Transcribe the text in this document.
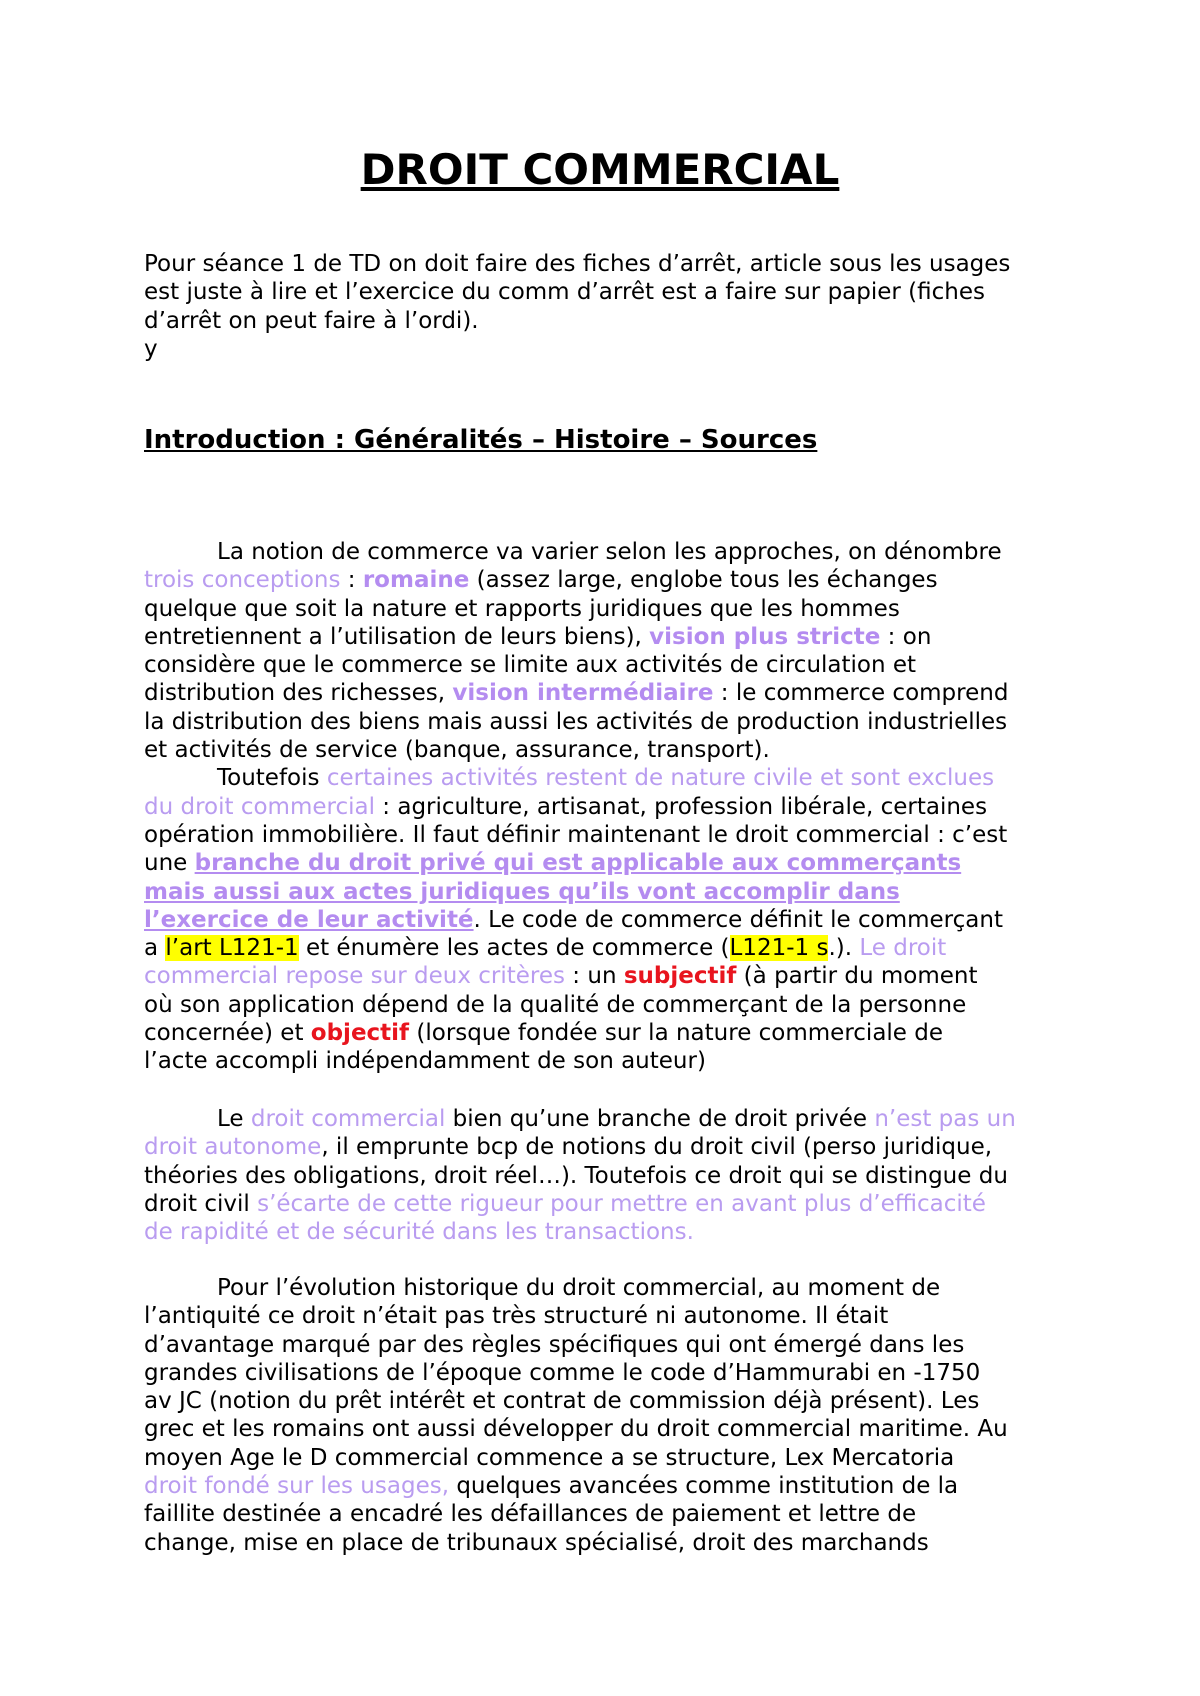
DROIT COMMERCIAL

Pour séance 1 de TD on doit faire des fiches d’arrêt, article sous les usages
est juste à lire et l’exercice du comm d’arrêt est a faire sur papier (fiches
d’arrêt on peut faire à l’ordi).
y

Introduction : Généralités – Histoire – Sources

La notion de commerce va varier selon les approches, on dénombre
trois conceptions : romaine (assez large, englobe tous les échanges
quelque que soit la nature et rapports juridiques que les hommes
entretiennent a l’utilisation de leurs biens), vision plus stricte : on
considère que le commerce se limite aux activités de circulation et
distribution des richesses, vision intermédiaire : le commerce comprend
la distribution des biens mais aussi les activités de production industrielles
et activités de service (banque, assurance, transport).
Toutefois certaines activités restent de nature civile et sont exclues
du droit commercial : agriculture, artisanat, profession libérale, certaines
opération immobilière. Il faut définir maintenant le droit commercial : c’est
une branche du droit privé qui est applicable aux commerçants
mais aussi aux actes juridiques qu’ils vont accomplir dans
l’exercice de leur activité. Le code de commerce définit le commerçant
a l’art L121-1 et énumère les actes de commerce (L121-1 s.). Le droit
commercial repose sur deux critères : un subjectif (à partir du moment
où son application dépend de la qualité de commerçant de la personne
concernée) et objectif (lorsque fondée sur la nature commerciale de
l’acte accompli indépendamment de son auteur)

Le droit commercial bien qu’une branche de droit privée n’est pas un
droit autonome, il emprunte bcp de notions du droit civil (perso juridique,
théories des obligations, droit réel…). Toutefois ce droit qui se distingue du
droit civil s’écarte de cette rigueur pour mettre en avant plus d’efficacité
de rapidité et de sécurité dans les transactions.

Pour l’évolution historique du droit commercial, au moment de
l’antiquité ce droit n’était pas très structuré ni autonome. Il était
d’avantage marqué par des règles spécifiques qui ont émergé dans les
grandes civilisations de l’époque comme le code d’Hammurabi en -1750
av JC (notion du prêt intérêt et contrat de commission déjà présent). Les
grec et les romains ont aussi développer du droit commercial maritime. Au
moyen Age le D commercial commence a se structure, Lex Mercatoria
droit fondé sur les usages, quelques avancées comme institution de la
faillite destinée a encadré les défaillances de paiement et lettre de
change, mise en place de tribunaux spécialisé, droit des marchands
